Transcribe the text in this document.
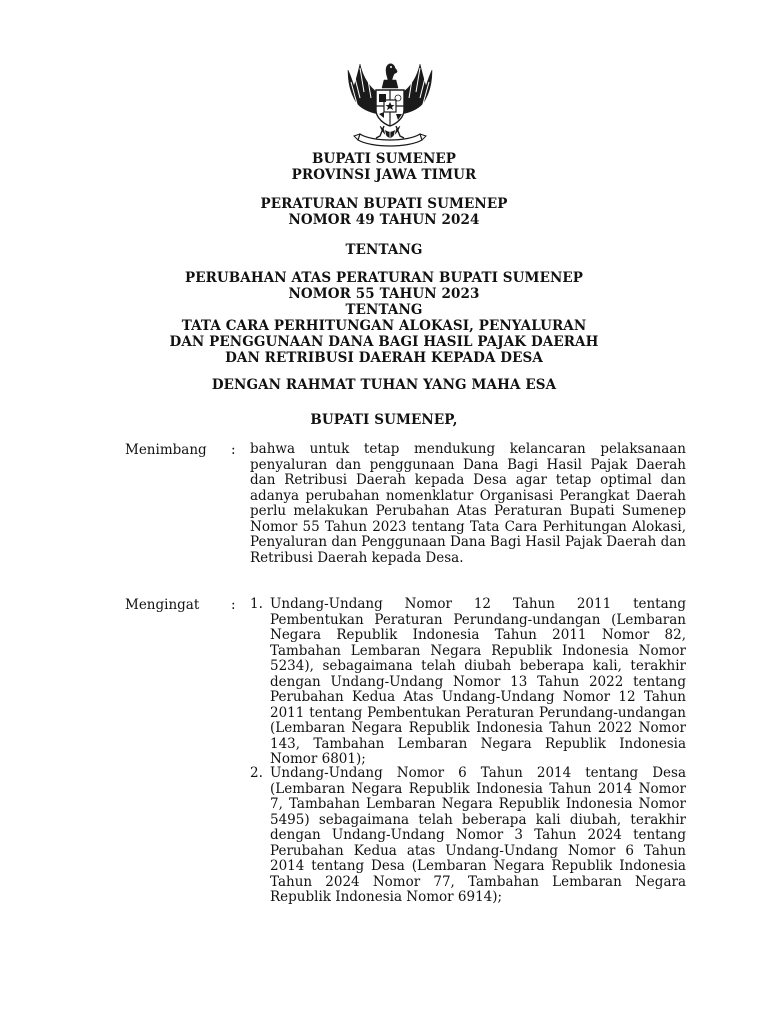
BUPATI SUMENEP
PROVINSI JAWA TIMUR
PERATURAN BUPATI SUMENEP
NOMOR 49 TAHUN 2024
TENTANG
PERUBAHAN ATAS PERATURAN BUPATI SUMENEP
NOMOR 55 TAHUN 2023
TENTANG
TATA CARA PERHITUNGAN ALOKASI, PENYALURAN
DAN PENGGUNAAN DANA BAGI HASIL PAJAK DAERAH
DAN RETRIBUSI DAERAH KEPADA DESA
DENGAN RAHMAT TUHAN YANG MAHA ESA
BUPATI SUMENEP,
Menimbang : bahwa untuk tetap mendukung kelancaran pelaksanaan penyaluran dan penggunaan Dana Bagi Hasil Pajak Daerah dan Retribusi Daerah kepada Desa agar tetap optimal dan adanya perubahan nomenklatur Organisasi Perangkat Daerah perlu melakukan Perubahan Atas Peraturan Bupati Sumenep Nomor 55 Tahun 2023 tentang Tata Cara Perhitungan Alokasi, Penyaluran dan Penggunaan Dana Bagi Hasil Pajak Daerah dan Retribusi Daerah kepada Desa.
Mengingat : 1. Undang-Undang Nomor 12 Tahun 2011 tentang Pembentukan Peraturan Perundang-undangan (Lembaran Negara Republik Indonesia Tahun 2011 Nomor 82, Tambahan Lembaran Negara Republik Indonesia Nomor 5234), sebagaimana telah diubah beberapa kali, terakhir dengan Undang-Undang Nomor 13 Tahun 2022 tentang Perubahan Kedua Atas Undang-Undang Nomor 12 Tahun 2011 tentang Pembentukan Peraturan Perundang-undangan (Lembaran Negara Republik Indonesia Tahun 2022 Nomor 143, Tambahan Lembaran Negara Republik Indonesia Nomor 6801);
2. Undang-Undang Nomor 6 Tahun 2014 tentang Desa (Lembaran Negara Republik Indonesia Tahun 2014 Nomor 7, Tambahan Lembaran Negara Republik Indonesia Nomor 5495) sebagaimana telah beberapa kali diubah, terakhir dengan Undang-Undang Nomor 3 Tahun 2024 tentang Perubahan Kedua atas Undang-Undang Nomor 6 Tahun 2014 tentang Desa (Lembaran Negara Republik Indonesia Tahun 2024 Nomor 77, Tambahan Lembaran Negara Republik Indonesia Nomor 6914);
